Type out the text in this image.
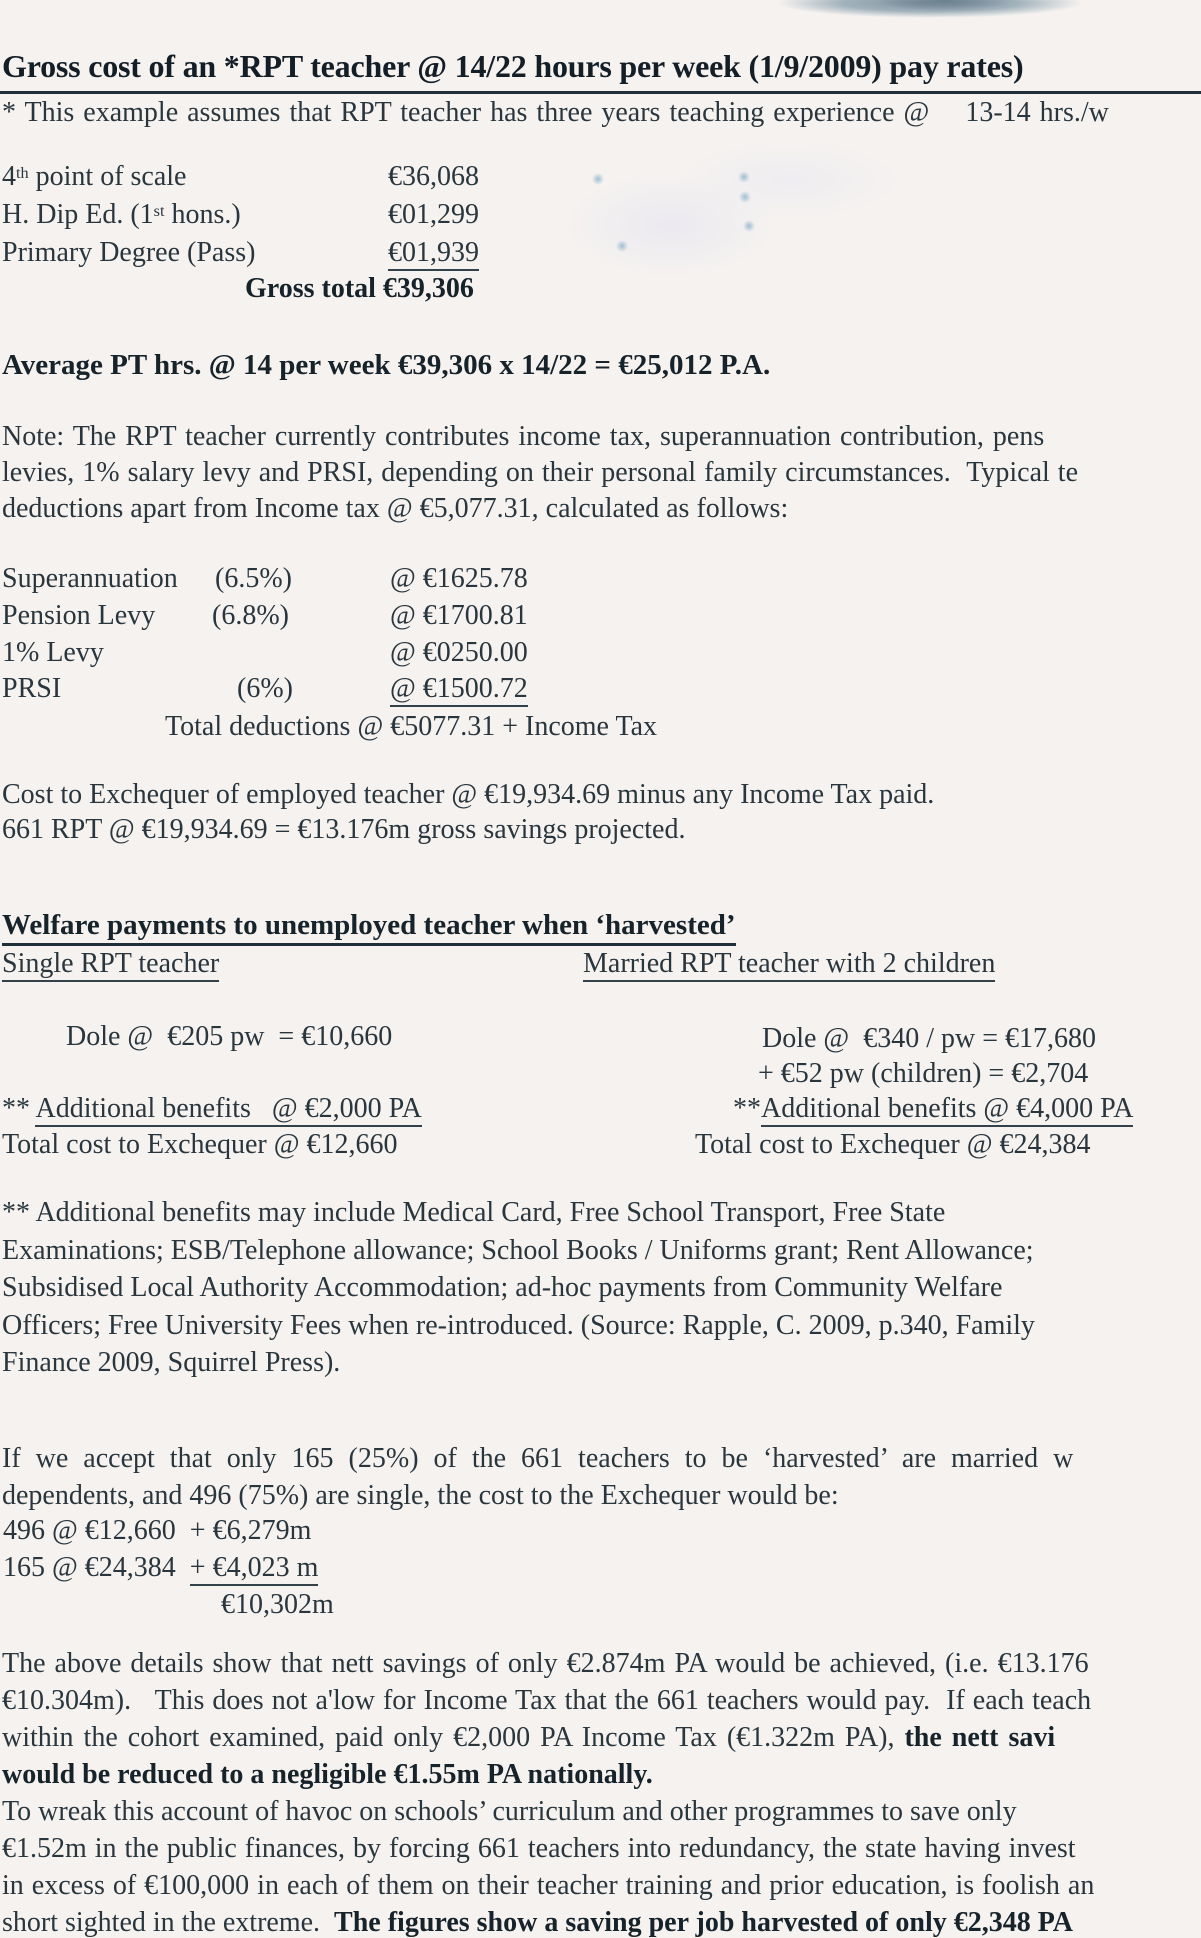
Gross cost of an *RPT teacher @ 14/22 hours per week (1/9/2009) pay rates)
* This example assumes that RPT teacher has three years teaching experience @    13-14 hrs./w
4th point of scale	€36,068
H. Dip Ed. (1st hons.)	€01,299
Primary Degree (Pass)	€01,939
Gross total €39,306
Average PT hrs. @ 14 per week €39,306 x 14/22 = €25,012 P.A.
Note: The RPT teacher currently contributes income tax, superannuation contribution, pens
levies, 1% salary levy and PRSI, depending on their personal family circumstances.  Typical te
deductions apart from Income tax @ €5,077.31, calculated as follows:
Superannuation (6.5%)	@ €1625.78
Pension Levy (6.8%)	@ €1700.81
1% Levy	@ €0250.00
PRSI	(6%)	@ €1500.72
Total deductions @ €5077.31 + Income Tax
Cost to Exchequer of employed teacher @ €19,934.69 minus any Income Tax paid.
661 RPT @ €19,934.69 = €13.176m gross savings projected.
Welfare payments to unemployed teacher when ‘harvested’
Single RPT teacher	Married RPT teacher with 2 children
Dole @  €205 pw  = €10,660	Dole @  €340 / pw = €17,680
+ €52 pw (children) = €2,704
** Additional benefits   @ €2,000 PA	**Additional benefits @ €4,000 PA
Total cost to Exchequer @ €12,660	Total cost to Exchequer @ €24,384
** Additional benefits may include Medical Card, Free School Transport, Free State
Examinations; ESB/Telephone allowance; School Books / Uniforms grant; Rent Allowance;
Subsidised Local Authority Accommodation; ad-hoc payments from Community Welfare
Officers; Free University Fees when re-introduced. (Source: Rapple, C. 2009, p.340, Family
Finance 2009, Squirrel Press).
If we accept that only 165 (25%) of the 661 teachers to be ‘harvested’ are married w
dependents, and 496 (75%) are single, the cost to the Exchequer would be:
496 @ €12,660  + €6,279m
165 @ €24,384  + €4,023 m
€10,302m
The above details show that nett savings of only €2.874m PA would be achieved, (i.e. €13.176
€10.304m).   This does not a'low for Income Tax that the 661 teachers would pay.  If each teach
within the cohort examined, paid only €2,000 PA Income Tax (€1.322m PA), the nett savi
would be reduced to a negligible €1.55m PA nationally.
To wreak this account of havoc on schools’ curriculum and other programmes to save only
€1.52m in the public finances, by forcing 661 teachers into redundancy, the state having invest
in excess of €100,000 in each of them on their teacher training and prior education, is foolish an
short sighted in the extreme.  The figures show a saving per job harvested of only €2,348 PA
